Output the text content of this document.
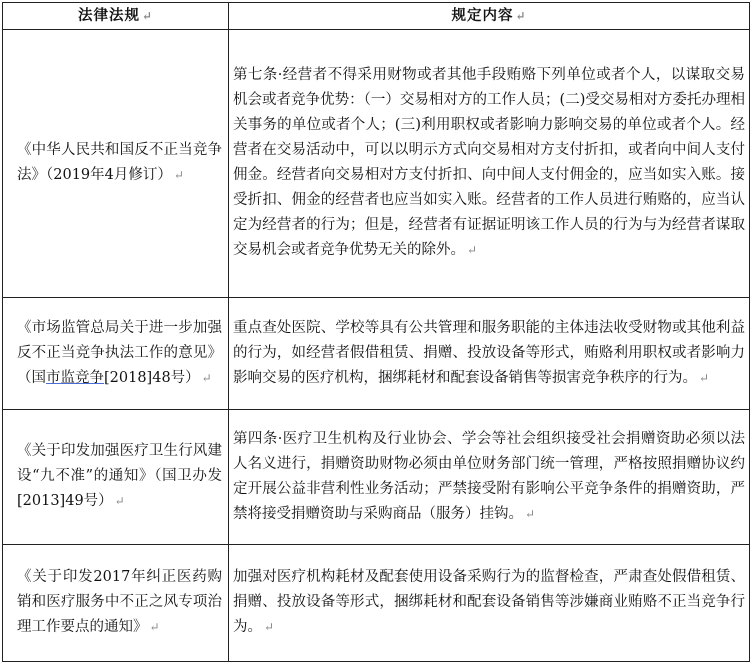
法律法规 ↵	规定内容 ↵
《中华人民共和国反不正当竞争法》（2019年4月修订） ↵	第七条·经营者不得采用财物或者其他手段贿赂下列单位或者个人，以谋取交易机会或者竞争优势：（一）交易相对方的工作人员；(二)受交易相对方委托办理相关事务的单位或者个人；(三)利用职权或者影响力影响交易的单位或者个人。经营者在交易活动中，可以以明示方式向交易相对方支付折扣，或者向中间人支付佣金。经营者向交易相对方支付折扣、向中间人支付佣金的，应当如实入账。接受折扣、佣金的经营者也应当如实入账。经营者的工作人员进行贿赂的，应当认定为经营者的行为；但是，经营者有证据证明该工作人员的行为与为经营者谋取交易机会或者竞争优势无关的除外。 ↵
《市场监管总局关于进一步加强反不正当竞争执法工作的意见》（国市监竞争[2018]48号） ↵	重点查处医院、学校等具有公共管理和服务职能的主体违法收受财物或其他利益的行为，如经营者假借租赁、捐赠、投放设备等形式，贿赂利用职权或者影响力影响交易的医疗机构，捆绑耗材和配套设备销售等损害竞争秩序的行为。 ↵
《关于印发加强医疗卫生行风建设“九不准”的通知》（国卫办发[2013]49号） ↵	第四条·医疗卫生机构及行业协会、学会等社会组织接受社会捐赠资助必须以法人名义进行，捐赠资助财物必须由单位财务部门统一管理，严格按照捐赠协议约定开展公益非营利性业务活动；严禁接受附有影响公平竞争条件的捐赠资助，严禁将接受捐赠资助与采购商品（服务）挂钩。 ↵
《关于印发2017年纠正医药购销和医疗服务中不正之风专项治理工作要点的通知》 ↵	加强对医疗机构耗材及配套使用设备采购行为的监督检查，严肃查处假借租赁、捐赠、投放设备等形式，捆绑耗材和配套设备销售等涉嫌商业贿赂不正当竞争行为。 ↵
